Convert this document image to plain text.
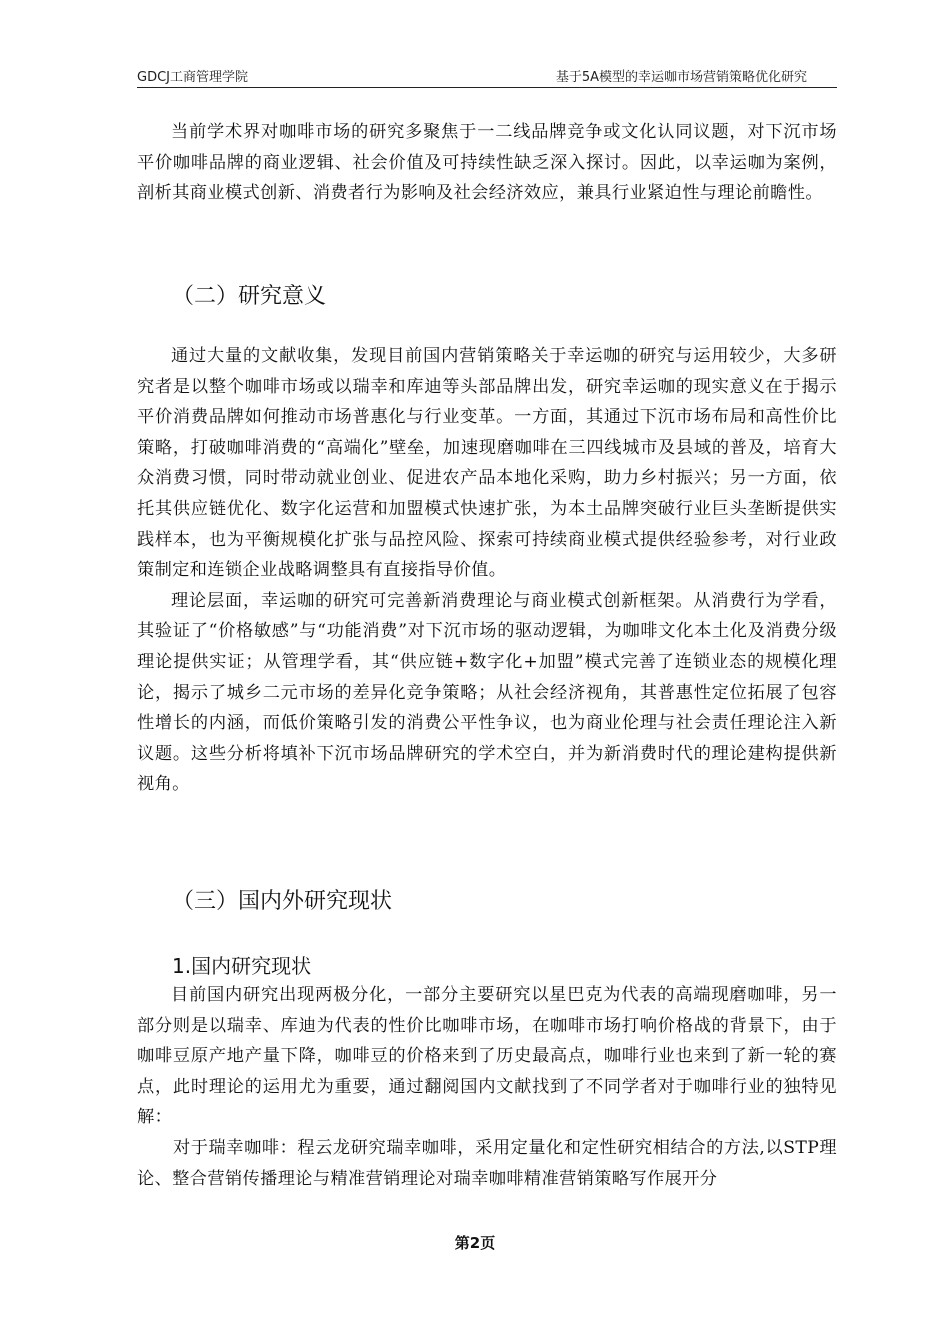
GDCJ工商管理学院	基于5A模型的幸运咖市场营销策略优化研究

当前学术界对咖啡市场的研究多聚焦于一二线品牌竞争或文化认同议题，对下沉市场平价咖啡品牌的商业逻辑、社会价值及可持续性缺乏深入探讨。因此，以幸运咖为案例，剖析其商业模式创新、消费者行为影响及社会经济效应，兼具行业紧迫性与理论前瞻性。

（二）研究意义

通过大量的文献收集，发现目前国内营销策略关于幸运咖的研究与运用较少，大多研究者是以整个咖啡市场或以瑞幸和库迪等头部品牌出发，研究幸运咖的现实意义在于揭示平价消费品牌如何推动市场普惠化与行业变革。一方面，其通过下沉市场布局和高性价比策略，打破咖啡消费的“高端化”壁垒，加速现磨咖啡在三四线城市及县域的普及，培育大众消费习惯，同时带动就业创业、促进农产品本地化采购，助力乡村振兴；另一方面，依托其供应链优化、数字化运营和加盟模式快速扩张，为本土品牌突破行业巨头垄断提供实践样本，也为平衡规模化扩张与品控风险、探索可持续商业模式提供经验参考，对行业政策制定和连锁企业战略调整具有直接指导价值。

理论层面，幸运咖的研究可完善新消费理论与商业模式创新框架。从消费行为学看，其验证了“价格敏感”与“功能消费”对下沉市场的驱动逻辑，为咖啡文化本土化及消费分级理论提供实证；从管理学看，其“供应链+数字化+加盟”模式完善了连锁业态的规模化理论，揭示了城乡二元市场的差异化竞争策略；从社会经济视角，其普惠性定位拓展了包容性增长的内涵，而低价策略引发的消费公平性争议，也为商业伦理与社会责任理论注入新议题。这些分析将填补下沉市场品牌研究的学术空白，并为新消费时代的理论建构提供新视角。

（三）国内外研究现状
1.国内研究现状

目前国内研究出现两极分化，一部分主要研究以星巴克为代表的高端现磨咖啡，另一部分则是以瑞幸、库迪为代表的性价比咖啡市场，在咖啡市场打响价格战的背景下，由于咖啡豆原产地产量下降，咖啡豆的价格来到了历史最高点，咖啡行业也来到了新一轮的赛点，此时理论的运用尤为重要，通过翻阅国内文献找到了不同学者对于咖啡行业的独特见解：

对于瑞幸咖啡：程云龙研究瑞幸咖啡，采用定量化和定性研究相结合的方法,以STP理论、整合营销传播理论与精准营销理论对瑞幸咖啡精准营销策略写作展开分

第2页
